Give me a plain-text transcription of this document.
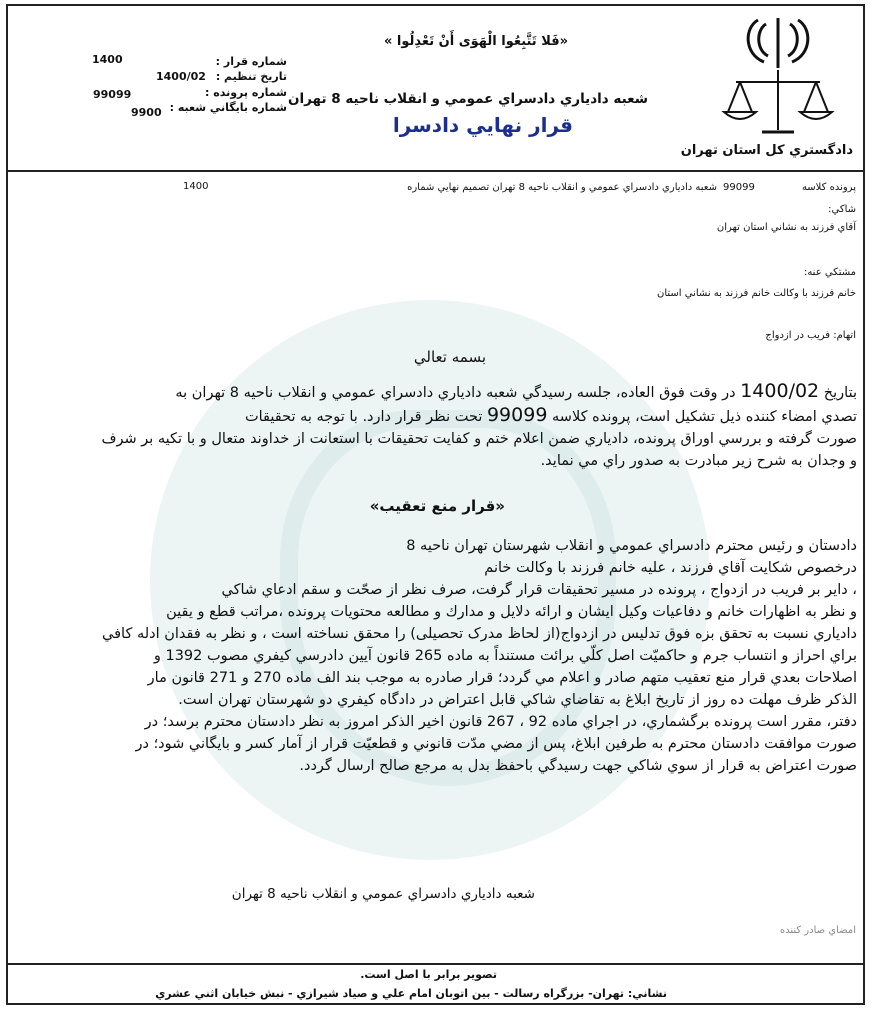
دادگستري كل استان تهران
«فَلا تَتَّبِعُوا الْهَوَى أَنْ تَعْدِلُوا »
شعبه دادياري دادسراي عمومي و انقلاب ناحيه 8 تهران
قرار نهايي دادسرا
شماره قرار :
1400
تاريخ تنظيم :
1400/02
شماره پرونده :
99099
شماره بايگاني شعبه :
9900
پرونده كلاسه
99099
شعبه دادياري دادسراي عمومي و انقلاب ناحيه 8 تهران تصميم نهايي شماره
1400
شاكي:
آقاي فرزند به نشاني استان تهران
مشتكي عنه:
خانم فرزند با وكالت خانم فرزند به نشاني استان
اتهام: فريب در ازدواج
بسمه تعالي
بتاريخ 1400/02 در وقت فوق العاده، جلسه رسيدگي شعبه دادياري دادسراي عمومي و انقلاب ناحيه 8 تهران به
تصدي امضاء كننده ذيل تشكيل است، پرونده كلاسه 99099 تحت نظر قرار دارد. با توجه به تحقيقات
صورت گرفته و بررسي اوراق پرونده، دادياري ضمن اعلام ختم و كفايت تحقيقات با استعانت از خداوند متعال و با تكيه بر شرف
و وجدان به شرح زير مبادرت به صدور راي مي نمايد.
«قرار منع تعقيب»
دادستان و رئيس محترم دادسراي عمومي و انقلاب شهرستان تهران ناحيه 8
درخصوص شكايت آقاي فرزند ، عليه خانم فرزند با وكالت خانم
، داير بر فريب در ازدواج ، پرونده در مسير تحقيقات قرار گرفت، صرف نظر از صحّت و سقم ادعاي شاكي
و نظر به اظهارات خانم و دفاعيات وكيل ايشان و ارائه دلايل و مدارك و مطالعه محتويات پرونده ،مراتب قطع و يقين
دادياري نسبت به تحقق بزه فوق تدليس در ازدواج(از لحاظ مدرک تحصيلی) را محقق نساخته است ، و نظر به فقدان ادله كافي
براي احراز و انتساب جرم و حاكميّت اصل كلّي برائت مستنداً به ماده 265 قانون آيين دادرسي كيفري مصوب 1392 و
اصلاحات بعدي قرار منع تعقيب متهم صادر و اعلام مي گردد؛ قرار صادره به موجب بند الف ماده 270 و 271 قانون مار
الذكر ظرف مهلت ده روز از تاريخ ابلاغ به تقاضاي شاكي قابل اعتراض در دادگاه كيفري دو شهرستان تهران است.
دفتر، مقرر است پرونده برگشماري، در اجراي ماده 92 ، 267 قانون اخير الذكر امروز به نظر دادستان محترم برسد؛ در
صورت موافقت دادستان محترم به طرفين ابلاغ، پس از مضي مدّت قانوني و قطعيّت قرار از آمار كسر و بايگاني شود؛ در
صورت اعتراض به قرار از سوي شاكي جهت رسيدگي باحفظ بدل به مرجع صالح ارسال گردد.
شعبه دادياري دادسراي عمومي و انقلاب ناحيه 8 تهران
امضاي صادر كننده
تصوير برابر با اصل است.
نشاني: تهران- بزرگراه رسالت - بين اتوبان امام علي و صياد شيرازي - نبش خيابان اثني عشري
